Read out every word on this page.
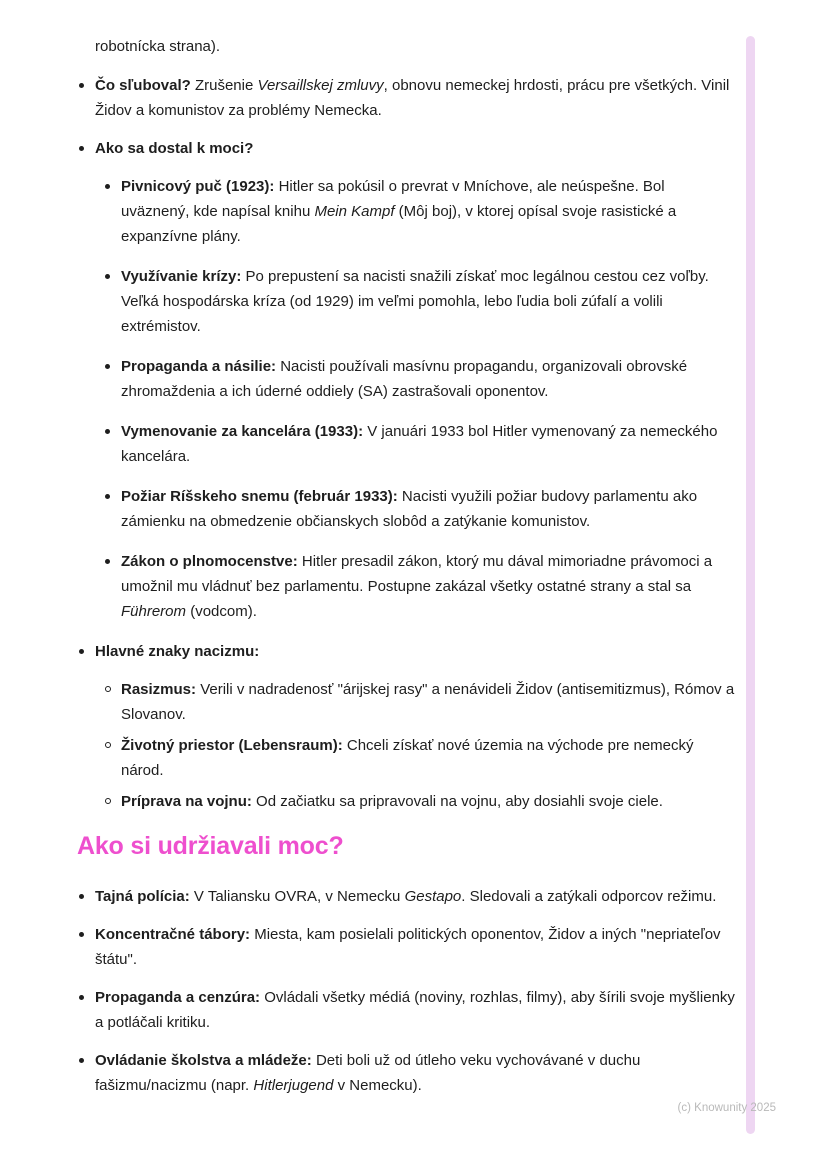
robotnícka strana).
Čo sľuboval? Zrušenie Versaillskej zmluvy, obnovu nemeckej hrdosti, prácu pre všetkých. Vinil Židov a komunistov za problémy Nemecka.
Ako sa dostal k moci?
Pivnicový puč (1923): Hitler sa pokúsil o prevrat v Mníchove, ale neúspešne. Bol uväznený, kde napísal knihu Mein Kampf (Môj boj), v ktorej opísal svoje rasistické a expanzívne plány.
Využívanie krízy: Po prepustení sa nacisti snažili získať moc legálnou cestou cez voľby. Veľká hospodárska kríza (od 1929) im veľmi pomohla, lebo ľudia boli zúfalí a volili extrémistov.
Propaganda a násilie: Nacisti používali masívnu propagandu, organizovali obrovské zhromaždenia a ich úderné oddiely (SA) zastrašovali oponentov.
Vymenovanie za kancelára (1933): V januári 1933 bol Hitler vymenovaný za nemeckého kancelára.
Požiar Ríšskeho snemu (február 1933): Nacisti využili požiar budovy parlamentu ako zámienku na obmedzenie občianskych slobôd a zatýkanie komunistov.
Zákon o plnomocenstve: Hitler presadil zákon, ktorý mu dával mimoriadne právomoci a umožnil mu vládnuť bez parlamentu. Postupne zakázal všetky ostatné strany a stal sa Führerom (vodcom).
Hlavné znaky nacizmu:
Rasizmus: Verili v nadradenosť "árijskej rasy" a nenávideli Židov (antisemitizmus), Rómov a Slovanov.
Životný priestor (Lebensraum): Chceli získať nové územia na východe pre nemecký národ.
Príprava na vojnu: Od začiatku sa pripravovali na vojnu, aby dosiahli svoje ciele.
Ako si udržiavali moc?
Tajná polícia: V Taliansku OVRA, v Nemecku Gestapo. Sledovali a zatýkali odporcov režimu.
Koncentračné tábory: Miesta, kam posielali politických oponentov, Židov a iných "nepriateľov štátu".
Propaganda a cenzúra: Ovládali všetky médiá (noviny, rozhlas, filmy), aby šírili svoje myšlienky a potláčali kritiku.
Ovládanie školstva a mládeže: Deti boli už od útleho veku vychovávané v duchu fašizmu/nacizmu (napr. Hitlerjugend v Nemecku).
(c) Knowunity 2025
